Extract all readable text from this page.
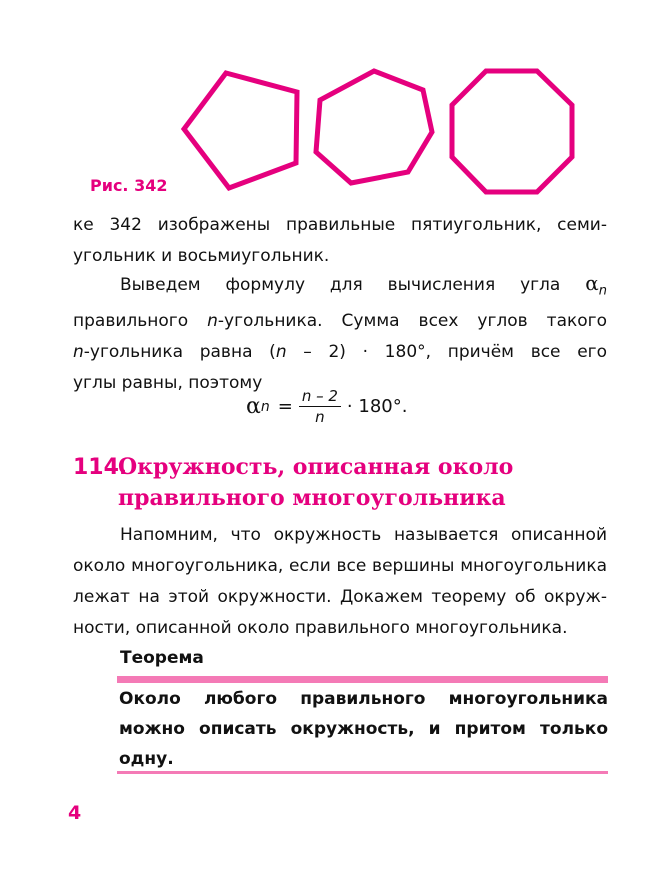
Рис. 342
ке 342 изображены правильные пятиугольник, семи-
угольник и восьмиугольник.
Выведем формулу для вычисления угла $\alpha_n$
правильного n-угольника. Сумма всех углов такого
n-угольника равна (n – 2) · 180°, причём все его
углы равны, поэтому
α $n = \frac{n - 2}{n} \cdot 180^\circ$.
114.
Окружность, описанная около правильного многоугольника
Напомним, что окружность называется описанной
около многоугольника, если все вершины многоугольника
лежат на этой окружности. Докажем теорему об окруж-
ности, описанной около правильного многоугольника.
Теорема
Около любого правильного многоугольника можно описать окружность, и притом только одну.
4
